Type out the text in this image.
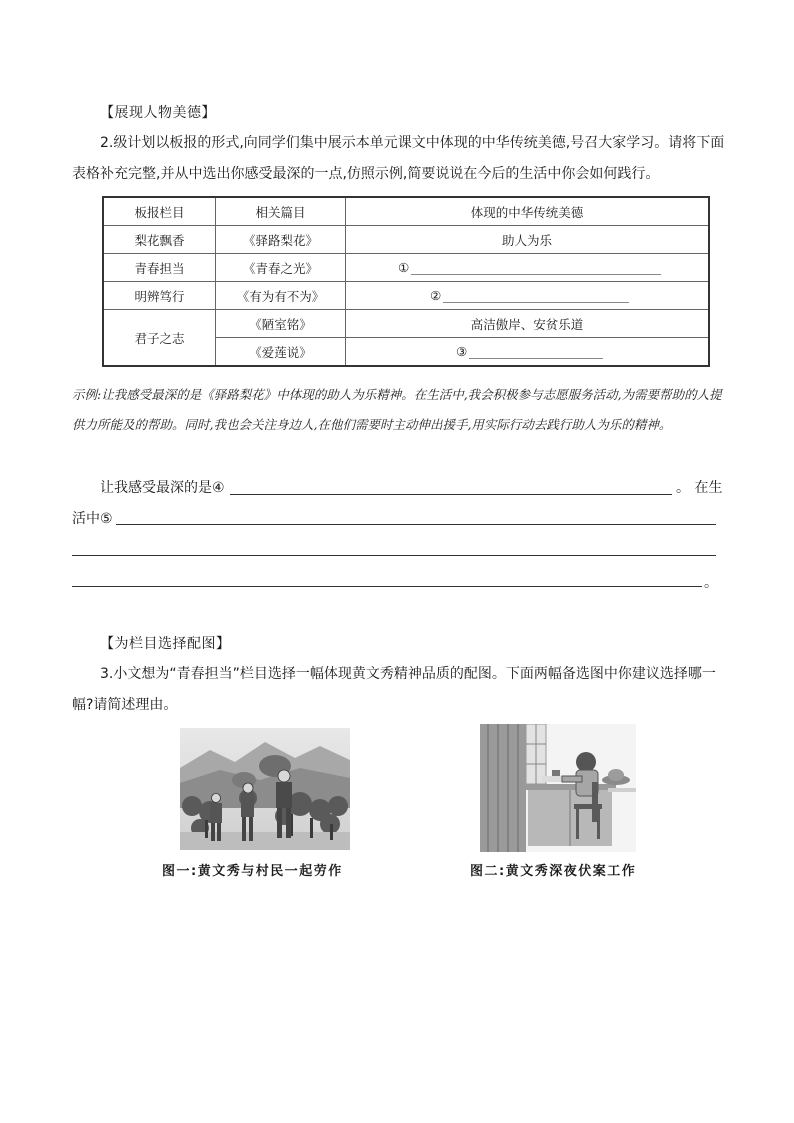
【展现人物美德】
2.级计划以板报的形式,向同学们集中展示本单元课文中体现的中华传统美德,号召大家学习。请将下面表格补充完整,并从中选出你感受最深的一点,仿照示例,简要说说在今后的生活中你会如何践行。
板报栏目	相关篇目	体现的中华传统美德
梨花飘香	《驿路梨花》	助人为乐
青春担当	《青春之光》	①
明辨笃行	《有为有不为》	②
君子之志	《陋室铭》	高洁傲岸、安贫乐道
	《爱莲说》	③
示例:让我感受最深的是《驿路梨花》中体现的助人为乐精神。在生活中,我会积极参与志愿服务活动,为需要帮助的人提供力所能及的帮助。同时,我也会关注身边人,在他们需要时主动伸出援手,用实际行动去践行助人为乐的精神。
让我感受最深的是④	。 在生
活中⑤
。
【为栏目选择配图】
3.小文想为“青春担当”栏目选择一幅体现黄文秀精神品质的配图。下面两幅备选图中你建议选择哪一幅?请简述理由。
图一:黄文秀与村民一起劳作	图二:黄文秀深夜伏案工作
